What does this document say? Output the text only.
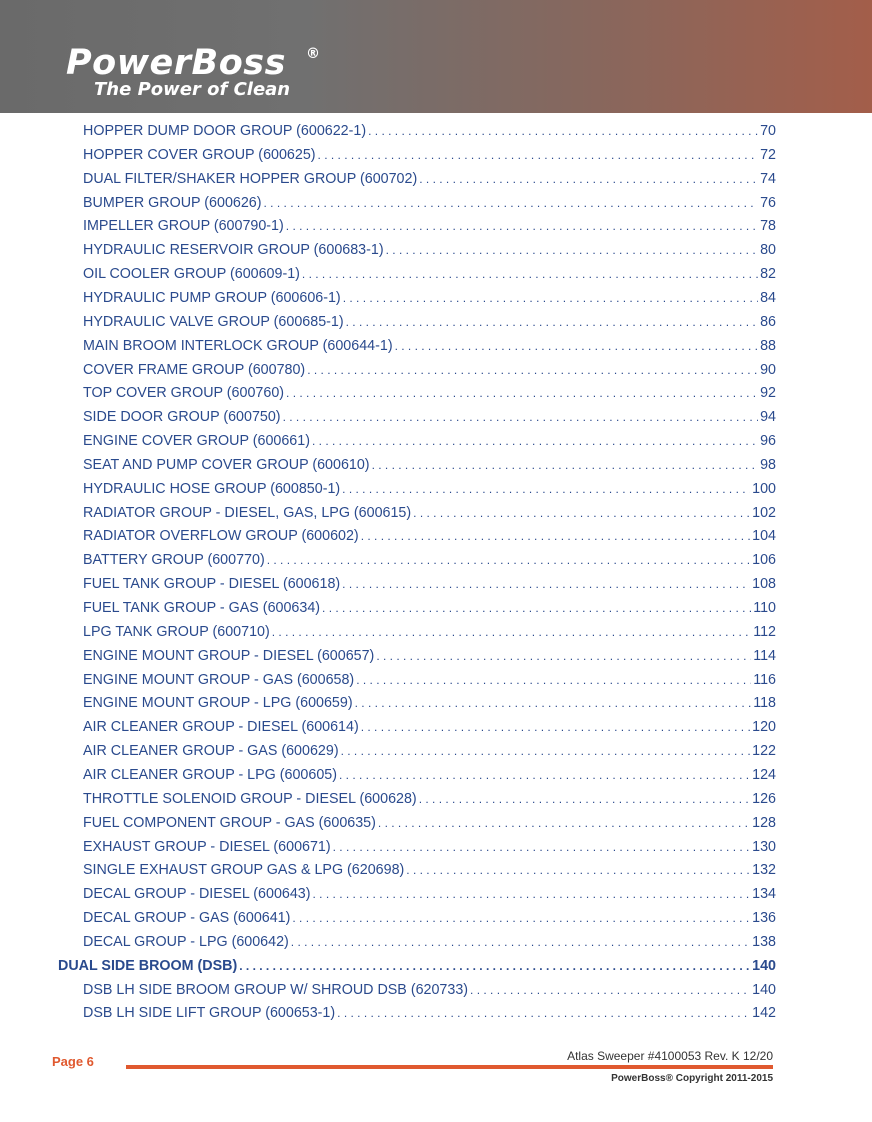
PowerBoss	®
The Power of Clean
HOPPER DUMP DOOR GROUP (600622-1) . . .	70
HOPPER COVER GROUP (600625) . . .	72
DUAL FILTER/SHAKER HOPPER GROUP (600702) . . .	74
BUMPER GROUP (600626) . . .	76
IMPELLER GROUP (600790-1) . . .	78
HYDRAULIC RESERVOIR GROUP (600683-1) . . .	80
OIL COOLER GROUP (600609-1) . . .	82
HYDRAULIC PUMP GROUP (600606-1) . . .	84
HYDRAULIC VALVE GROUP (600685-1) . . .	86
MAIN BROOM INTERLOCK GROUP (600644-1) . . .	88
COVER FRAME GROUP (600780) . . .	90
TOP COVER GROUP (600760) . . .	92
SIDE DOOR GROUP (600750) . . .	94
ENGINE COVER GROUP (600661) . . .	96
SEAT AND PUMP COVER GROUP (600610) . . .	98
HYDRAULIC HOSE GROUP (600850-1) . . .	100
RADIATOR GROUP - DIESEL, GAS, LPG (600615) . . .	102
RADIATOR OVERFLOW GROUP (600602) . . .	104
BATTERY GROUP (600770) . . .	106
FUEL TANK GROUP - DIESEL (600618) . . .	108
FUEL TANK GROUP - GAS (600634) . . .	110
LPG TANK GROUP (600710) . . .	112
ENGINE MOUNT GROUP - DIESEL (600657) . . .	114
ENGINE MOUNT GROUP - GAS (600658) . . .	116
ENGINE MOUNT GROUP - LPG (600659) . . .	118
AIR CLEANER GROUP - DIESEL (600614) . . .	120
AIR CLEANER GROUP - GAS (600629) . . .	122
AIR CLEANER GROUP - LPG (600605) . . .	124
THROTTLE SOLENOID GROUP - DIESEL (600628) . . .	126
FUEL COMPONENT GROUP - GAS (600635) . . .	128
EXHAUST GROUP - DIESEL (600671) . . .	130
SINGLE EXHAUST GROUP GAS & LPG (620698) . . .	132
DECAL GROUP - DIESEL (600643) . . .	134
DECAL GROUP - GAS (600641) . . .	136
DECAL GROUP - LPG (600642) . . .	138
DUAL SIDE BROOM (DSB) . . .	140
DSB LH SIDE BROOM GROUP W/ SHROUD DSB (620733) . . .	140
DSB LH SIDE LIFT GROUP (600653-1) . . .	142
Page 6	Atlas Sweeper #4100053 Rev. K 12/20
PowerBoss® Copyright 2011-2015
